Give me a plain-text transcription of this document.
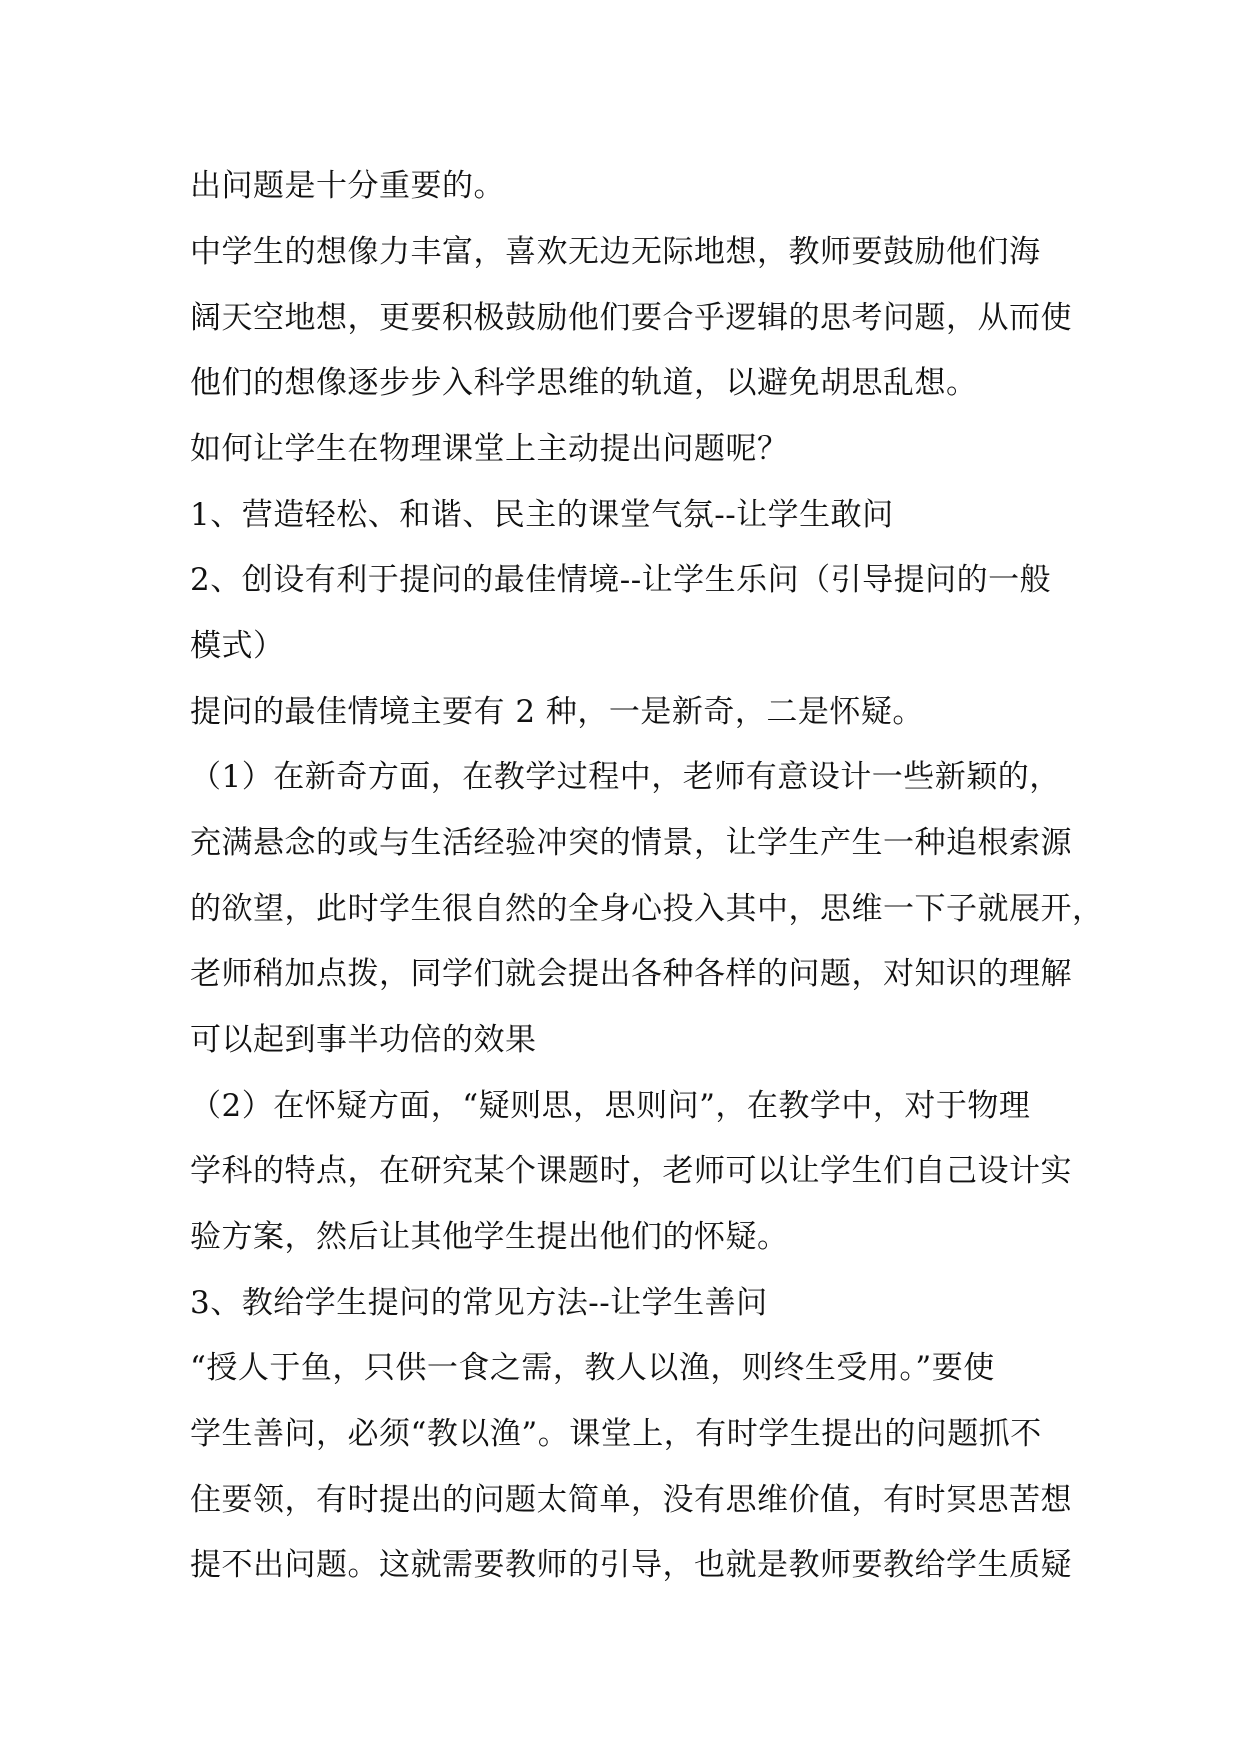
出问题是十分重要的。
中学生的想像力丰富，喜欢无边无际地想，教师要鼓励他们海
阔天空地想，更要积极鼓励他们要合乎逻辑的思考问题，从而使
他们的想像逐步步入科学思维的轨道，以避免胡思乱想。
如何让学生在物理课堂上主动提出问题呢？
1、营造轻松、和谐、民主的课堂气氛--让学生敢问
2、创设有利于提问的最佳情境--让学生乐问（引导提问的一般
模式）
提问的最佳情境主要有 2 种，一是新奇，二是怀疑。
（1）在新奇方面，在教学过程中，老师有意设计一些新颖的，
充满悬念的或与生活经验冲突的情景，让学生产生一种追根索源
的欲望，此时学生很自然的全身心投入其中，思维一下子就展开，
老师稍加点拨，同学们就会提出各种各样的问题，对知识的理解
可以起到事半功倍的效果
（2）在怀疑方面，“疑则思，思则问”，在教学中，对于物理
学科的特点，在研究某个课题时，老师可以让学生们自己设计实
验方案，然后让其他学生提出他们的怀疑。
3、教给学生提问的常见方法--让学生善问
“授人于鱼，只供一食之需，教人以渔，则终生受用。”要使
学生善问，必须“教以渔”。课堂上，有时学生提出的问题抓不
住要领，有时提出的问题太简单，没有思维价值，有时冥思苦想
提不出问题。这就需要教师的引导，也就是教师要教给学生质疑
